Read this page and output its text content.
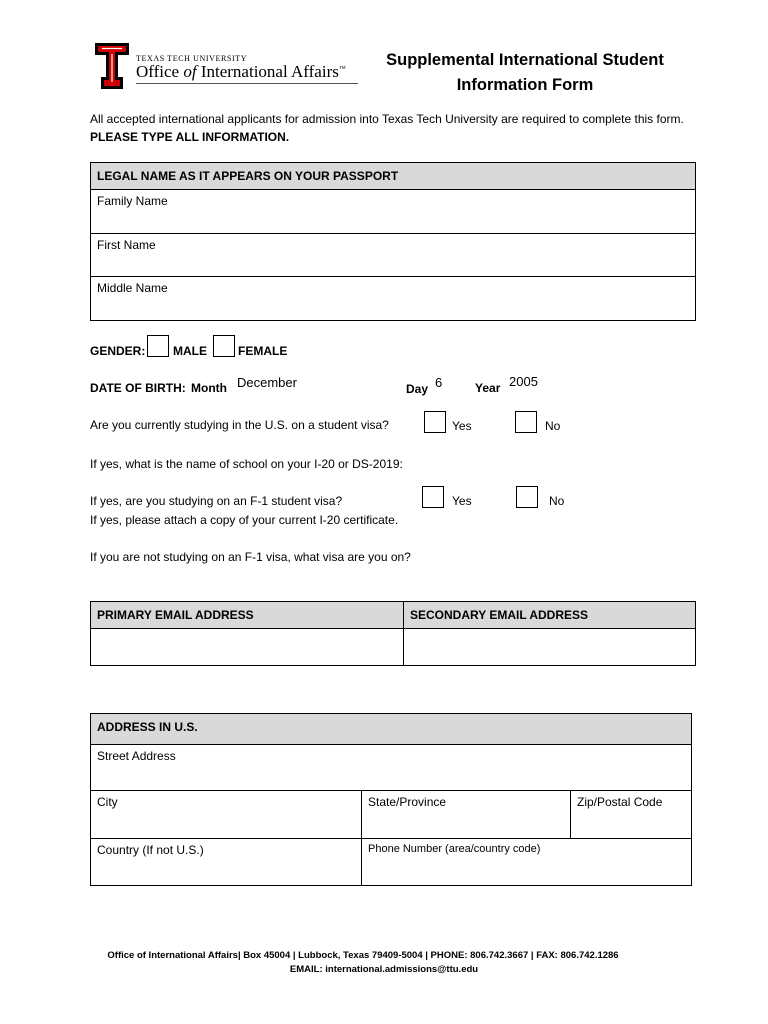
TEXAS TECH UNIVERSITY
Office of International Affairs™	Supplemental International Student
Information Form
All accepted international applicants for admission into Texas Tech University are required to complete this form. PLEASE TYPE ALL INFORMATION.
LEGAL NAME AS IT APPEARS ON YOUR PASSPORT
Family Name
First Name
Middle Name
GENDER: MALE	FEMALE
DATE OF BIRTH: Month December	Day 6	Year 2005
Are you currently studying in the U.S. on a student visa?	Yes	No
If yes, what is the name of school on your I-20 or DS-2019:
If yes, are you studying on an F-1 student visa?	Yes	No
If yes, please attach a copy of your current I-20 certificate.
If you are not studying on an F-1 visa, what visa are you on?
PRIMARY EMAIL ADDRESS	SECONDARY EMAIL ADDRESS
ADDRESS IN U.S.
Street Address
City	State/Province	Zip/Postal Code
Country (If not U.S.)	Phone Number (area/country code)
Office of International Affairs| Box 45004 | Lubbock, Texas 79409-5004 | PHONE: 806.742.3667 | FAX: 806.742.1286
EMAIL: international.admissions@ttu.edu
